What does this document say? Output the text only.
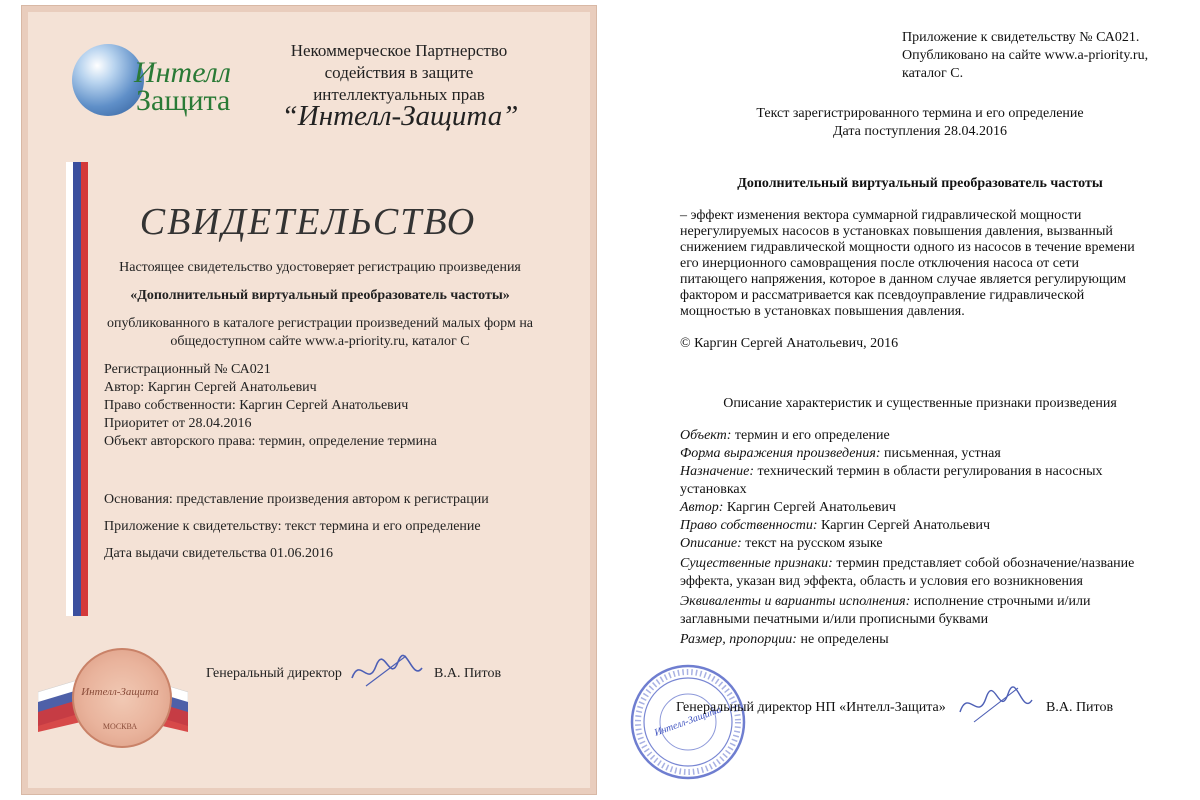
Интелл
Защита
Некоммерческое Партнерство
содействия в защите
интеллектуальных прав
“Интелл-Защита”
СВИДЕТЕЛЬСТВО
Настоящее свидетельство удостоверяет регистрацию произведения
«Дополнительный виртуальный преобразователь частоты»
опубликованного в каталоге регистрации произведений малых форм на
общедоступном сайте www.a-priority.ru, каталог С
Регистрационный № СА021
Автор: Каргин Сергей Анатольевич
Право собственности: Каргин Сергей Анатольевич
Приоритет от 28.04.2016
Объект авторского права: термин, определение термина
Основания: представление произведения автором к регистрации
Приложение к свидетельству: текст термина и его определение
Дата выдачи свидетельства 01.06.2016
Интелл-Защита
МОСКВА
Генеральный директор	В.А. Питов
Приложение к свидетельству № СА021.
Опубликовано на сайте www.a-priority.ru,
каталог С.
Текст зарегистрированного термина и его определение
Дата поступления 28.04.2016
Дополнительный виртуальный преобразователь частоты
– эффект изменения вектора суммарной гидравлической мощности
нерегулируемых насосов в установках повышения давления, вызванный
снижением гидравлической мощности одного из насосов в течение времени
его инерционного самовращения после отключения насоса от сети
питающего напряжения, которое в данном случае является регулирующим
фактором и рассматривается как псевдоуправление гидравлической
мощностью в установках повышения давления.
© Каргин Сергей Анатольевич, 2016
Описание характеристик и существенные признаки произведения
Объект: термин и его определение
Форма выражения произведения: письменная, устная
Назначение: технический термин в области регулирования в насосных
установках
Автор: Каргин Сергей Анатольевич
Право собственности: Каргин Сергей Анатольевич
Описание: текст на русском языке
Существенные признаки: термин представляет собой обозначение/название
эффекта, указан вид эффекта, область и условия его возникновения
Эквиваленты и варианты исполнения: исполнение строчными и/или
заглавными печатными и/или прописными буквами
Размер, пропорции: не определены
Интелл-Защита
Генеральный директор НП «Интелл-Защита»	В.А. Питов
